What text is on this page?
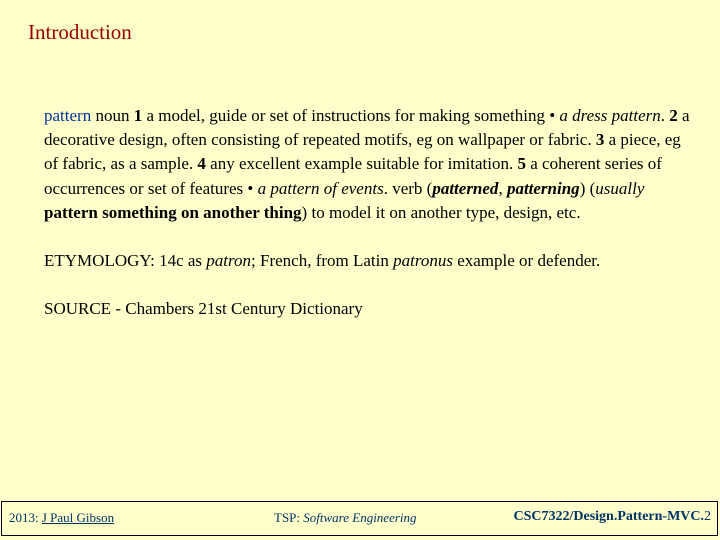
Introduction

pattern noun 1 a model, guide or set of instructions for making something • a dress pattern. 2 a decorative design, often consisting of repeated motifs, eg on wallpaper or fabric. 3 a piece, eg of fabric, as a sample. 4 any excellent example suitable for imitation. 5 a coherent series of occurrences or set of features • a pattern of events. verb (patterned, patterning) (usually pattern something on another thing) to model it on another type, design, etc.

ETYMOLOGY: 14c as patron; French, from Latin patronus example or defender.

SOURCE - Chambers 21st Century Dictionary

2013: J Paul Gibson	TSP: Software Engineering	CSC7322/Design.Pattern-MVC.2
